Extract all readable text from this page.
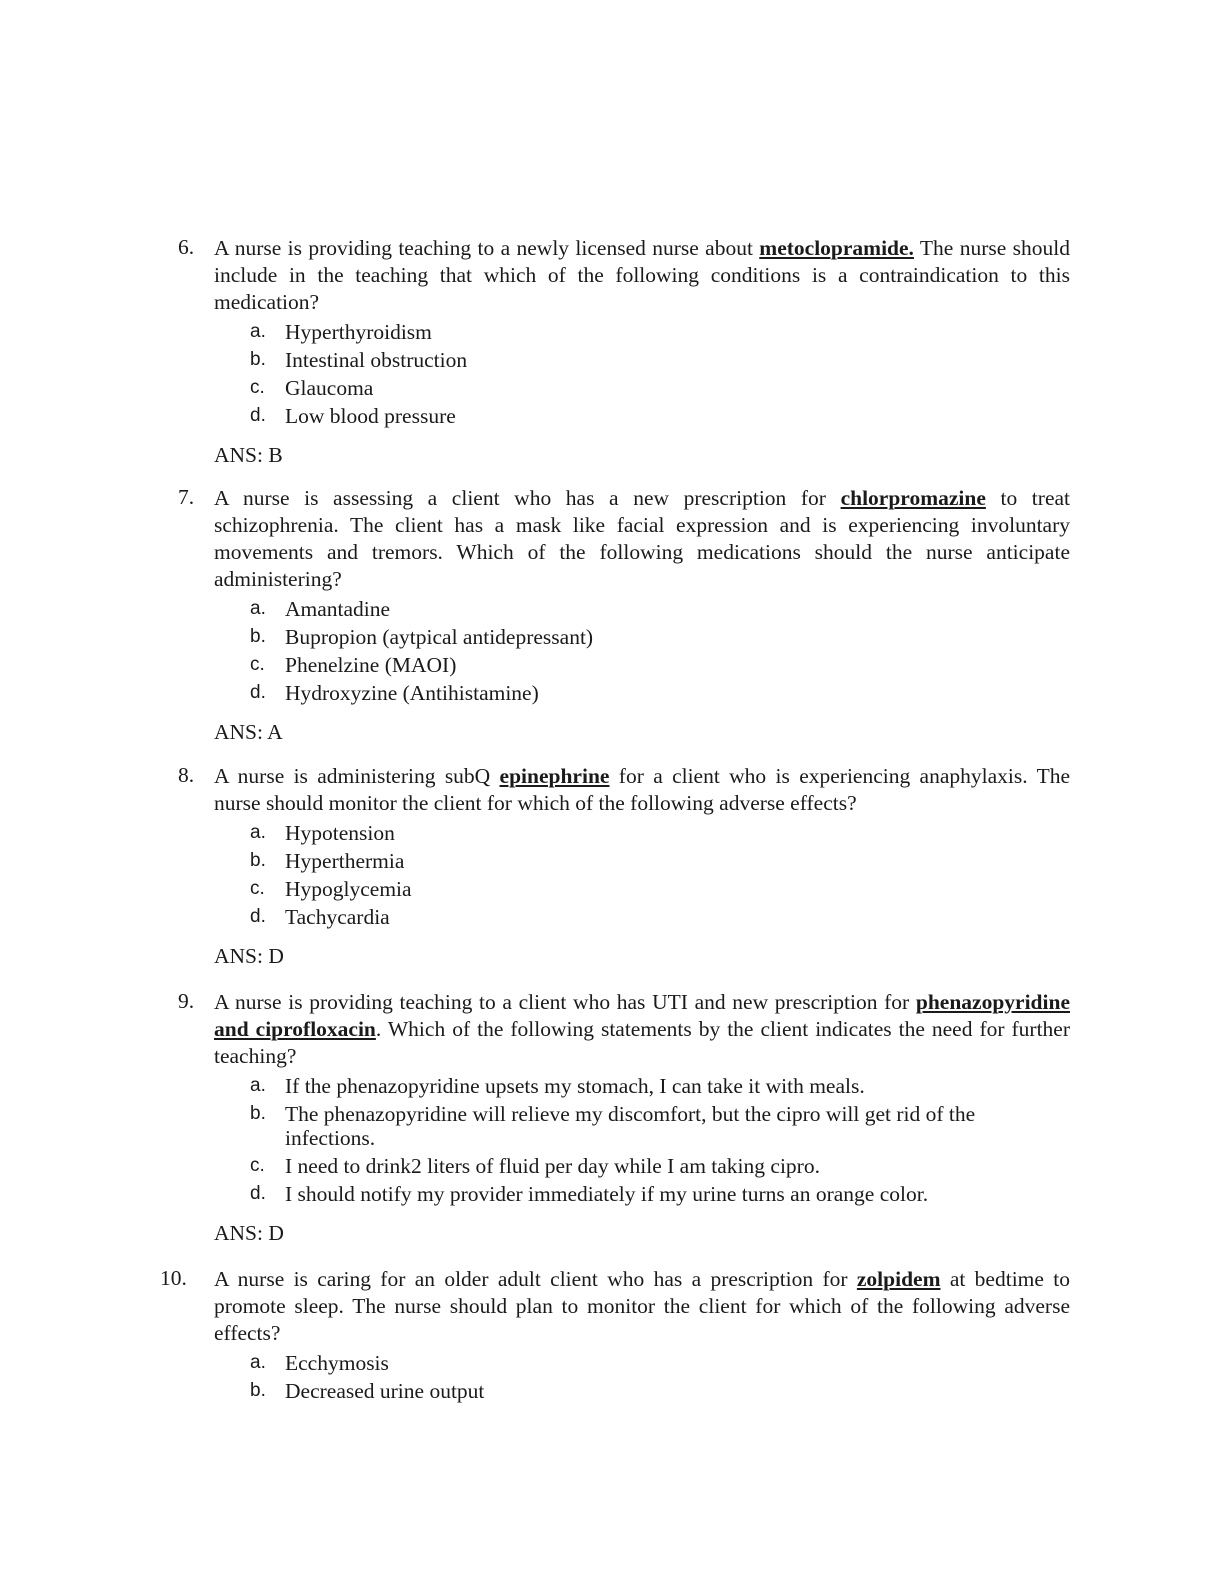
6. A nurse is providing teaching to a newly licensed nurse about metoclopramide. The nurse should include in the teaching that which of the following conditions is a contraindication to this medication?
a. Hyperthyroidism
b. Intestinal obstruction
c. Glaucoma
d. Low blood pressure
ANS: B
7. A nurse is assessing a client who has a new prescription for chlorpromazine to treat schizophrenia. The client has a mask like facial expression and is experiencing involuntary movements and tremors. Which of the following medications should the nurse anticipate administering?
a. Amantadine
b. Bupropion (aytpical antidepressant)
c. Phenelzine (MAOI)
d. Hydroxyzine (Antihistamine)
ANS: A
8. A nurse is administering subQ epinephrine for a client who is experiencing anaphylaxis. The nurse should monitor the client for which of the following adverse effects?
a. Hypotension
b. Hyperthermia
c. Hypoglycemia
d. Tachycardia
ANS: D
9. A nurse is providing teaching to a client who has UTI and new prescription for phenazopyridine and ciprofloxacin. Which of the following statements by the client indicates the need for further teaching?
a. If the phenazopyridine upsets my stomach, I can take it with meals.
b. The phenazopyridine will relieve my discomfort, but the cipro will get rid of the infections.
c. I need to drink2 liters of fluid per day while I am taking cipro.
d. I should notify my provider immediately if my urine turns an orange color.
ANS: D
10. A nurse is caring for an older adult client who has a prescription for zolpidem at bedtime to promote sleep. The nurse should plan to monitor the client for which of the following adverse effects?
a. Ecchymosis
b. Decreased urine output
